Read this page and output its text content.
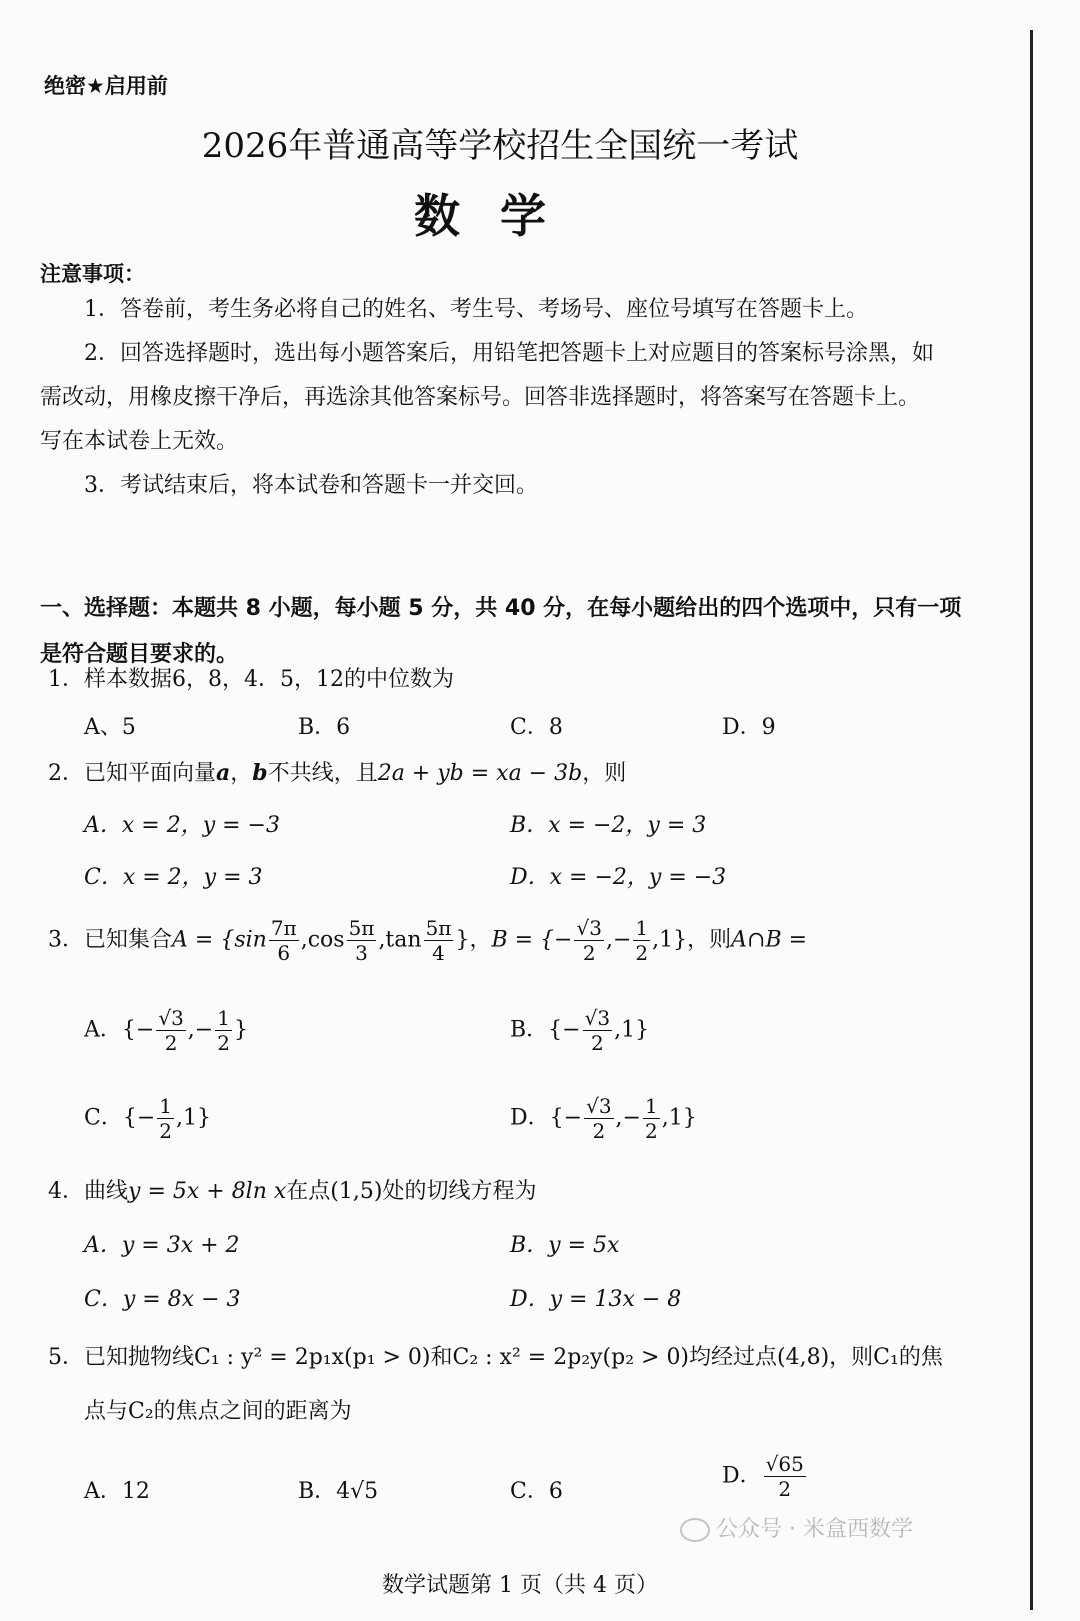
绝密★启用前
2026年普通高等学校招生全国统一考试
数学
注意事项：
1．答卷前，考生务必将自己的姓名、考生号、考场号、座位号填写在答题卡上。
2．回答选择题时，选出每小题答案后，用铅笔把答题卡上对应题目的答案标号涂黑，如需改动，用橡皮擦干净后，再选涂其他答案标号。回答非选择题时，将答案写在答题卡上。写在本试卷上无效。
3．考试结束后，将本试卷和答题卡一并交回。
一、选择题：本题共 8 小题，每小题 5 分，共 40 分，在每小题给出的四个选项中，只有一项是符合题目要求的。
1．样本数据6，8，4．5，12的中位数为
A、5	B．6	C．8	D．9
2．已知平面向量a，b不共线，且2a + yb = xa − 3b，则
A．x = 2，y = −3	B．x = −2，y = 3
C．x = 2，y = 3	D．x = −2，y = −3
3．已知集合$A = \{\sin \frac{7\pi}{6} ,\cos \frac{5\pi}{3} ,\tan \frac{5\pi}{4}$ }，B = {− $\frac{√3}{2}$ ,− $\frac{1}{2} ,1$}，则A∩B =
A．{− $\frac{√3}{2}$ ,− $\frac{1}{2}$ }	B．{− $\frac{√3}{2} ,1$}
C．{− $\frac{1}{2} ,1$}	D．{− $\frac{√3}{2}$ ,− $\frac{1}{2} ,1$}
4．曲线y = 5x + 8ln x在点(1,5)处的切线方程为
A．y = 3x + 2	B．y = 5x
C．y = 8x − 3	D．y = 13x − 8
5．已知抛物线C₁ : y² = 2p₁x(p₁ > 0)和C₂ : x² = 2p₂y(p₂ > 0)均经过点(4,8)，则C₁的焦
点与C₂的焦点之间的距离为
A．12	B．4√5	C．6
D． $\frac{√65}{2}$
公众号 · 米盒西数学
数学试题第 1 页（共 4 页）
